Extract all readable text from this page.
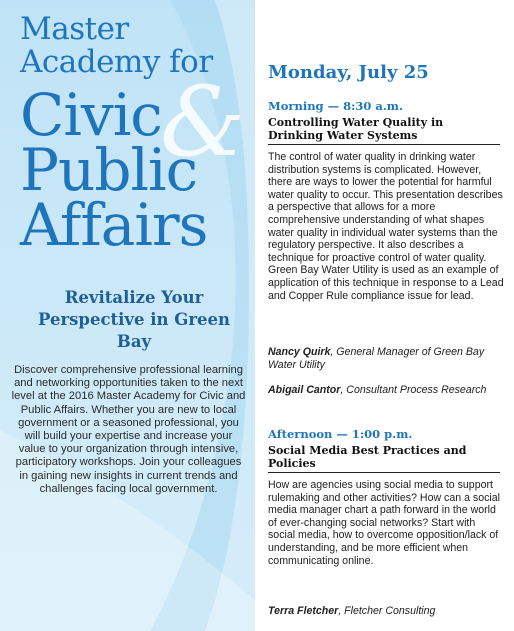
Master
Academy for
&
Civic
Public
Affairs
Revitalize Your Perspective in Green Bay
Discover comprehensive professional learning and networking opportunities taken to the next level at the 2016 Master Academy for Civic and Public Affairs. Whether you are new to local government or a seasoned professional, you will build your expertise and increase your value to your organization through intensive, participatory workshops. Join your colleagues in gaining new insights in current trends and challenges facing local government.
Monday, July 25
Morning — 8:30 a.m.
Controlling Water Quality in Drinking Water Systems
The control of water quality in drinking water distribution systems is complicated. However, there are ways to lower the potential for harmful water quality to occur. This presentation describes a perspective that allows for a more comprehensive understanding of what shapes water quality in individual water systems than the regulatory perspective. It also describes a technique for proactive control of water quality. Green Bay Water Utility is used as an example of application of this technique in response to a Lead and Copper Rule compliance issue for lead.
Nancy Quirk, General Manager of Green Bay Water Utility
Abigail Cantor, Consultant Process Research
Afternoon — 1:00 p.m.
Social Media Best Practices and Policies
How are agencies using social media to support rulemaking and other activities? How can a social media manager chart a path forward in the world of ever-changing social networks? Start with social media, how to overcome opposition/lack of understanding, and be more efficient when communicating online.
Terra Fletcher, Fletcher Consulting
